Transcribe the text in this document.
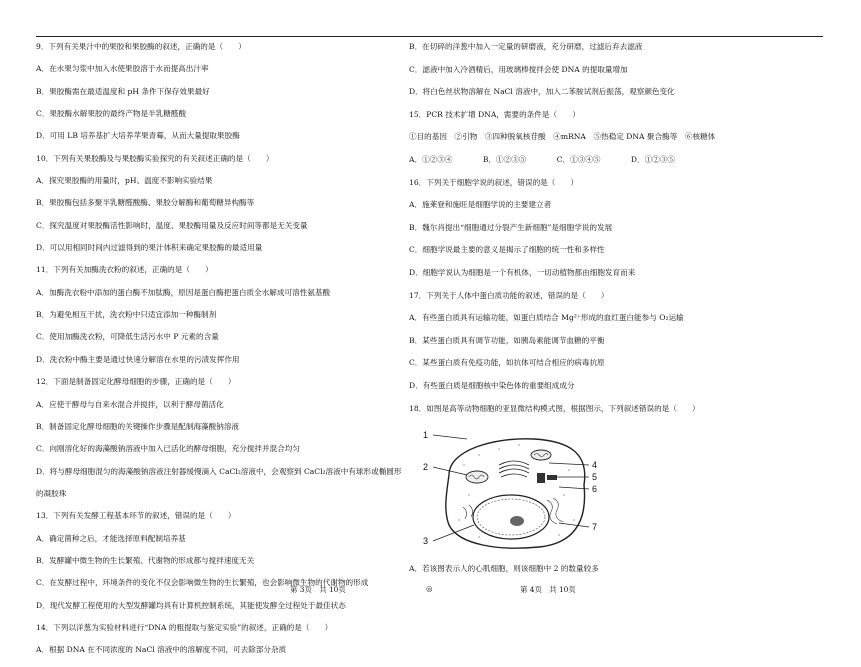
9．下列有关果汁中的果胶和果胶酶的叙述，正确的是（　　）
A．在水果匀浆中加入水使果胶溶于水而提高出汁率
B．果胶酶需在最适温度和 pH 条件下保存效果最好
C．果胶酶水解果胶的最终产物是半乳糖醛酸
D．可用 LB 培养基扩大培养苹果青霉，从而大量提取果胶酶
10．下列有关果胶酶及与果胶酶实验探究的有关叙述正确的是（　　）
A．探究果胶酶的用量时，pH、温度不影响实验结果
B．果胶酶包括多聚半乳糖醛酸酶、果胶分解酶和葡萄糖异构酶等
C．探究温度对果胶酶活性影响时，温度、果胶酶用量及反应时间等都是无关变量
D．可以用相同时间内过滤得到的果汁体积来确定果胶酶的最适用量
11．下列有关加酶洗衣粉的叙述，正确的是（　　）
A．加酶洗衣粉中添加的蛋白酶不加肽酶，原因是蛋白酶把蛋白质全水解成可溶性氨基酸
B．为避免相互干扰，洗衣粉中只适宜添加一种酶制剂
C．使用加酶洗衣粉，可降低生活污水中 P 元素的含量
D．洗衣粉中酶主要是通过快速分解溶在水里的污渍发挥作用
12．下面是制备固定化酵母细胞的步骤，正确的是（　　）
A．应使干酵母与自来水混合并搅拌，以利于酵母菌活化
B．制备固定化酵母细胞的关键操作步骤是配制海藻酸钠溶液
C．向刚溶化好的海藻酸钠溶液中加入已活化的酵母细胞，充分搅拌并混合均匀
D．将与酵母细胞混匀的海藻酸钠溶液注射器缓慢滴入 CaCl₂溶液中，会观察到 CaCl₂溶液中有球形或椭圆形
的凝胶珠
13．下列有关发酵工程基本环节的叙述，错误的是（　　）
A．确定菌种之后，才能选择原料配制培养基
B．发酵罐中微生物的生长繁殖、代谢物的形成都与搅拌速度无关
C．在发酵过程中，环境条件的变化不仅会影响微生物的生长繁殖，也会影响微生物的代谢物的形成
D．现代发酵工程使用的大型发酵罐均具有计算机控制系统，其能使发酵全过程处于最佳状态
14．下列以洋葱为实验材料进行“DNA 的粗提取与鉴定实验”的叙述，正确的是（　　）
A．根据 DNA 在不同浓度的 NaCl 溶液中的溶解度不同，可去除部分杂质
B．在切碎的洋葱中加入一定量的研磨液，充分研磨，过滤后弃去滤液
C．滤液中加入冷酒精后，用玻璃棒搅拌会使 DNA 的提取量增加
D．将白色丝状物溶解在 NaCl 溶液中，加入二苯胺试剂后振荡，观察颜色变化
15．PCR 技术扩增 DNA，需要的条件是（　　）
①目的基因　②引物　③四种脱氧核苷酸　④mRNA　⑤热稳定 DNA 聚合酶等　⑥核糖体
A．①②③④　　　　B．①②③⑤　　　　C．①③④⑤　　　　D．①②③⑤
16．下列关于细胞学说的叙述，错误的是（　　）
A．施莱登和施旺是细胞学说的主要建立者
B．魏尔肖提出“细胞通过分裂产生新细胞”是细胞学说的发展
C．细胞学说最主要的意义是揭示了细胞的统一性和多样性
D．细胞学说认为细胞是一个有机体，一切动植物都由细胞发育而来
17．下列关于人体中蛋白质功能的叙述，错误的是（　　）
A．有些蛋白质具有运输功能，如蛋白质结合 Mg²⁺形成的血红蛋白能参与 O₂运输
B．某些蛋白质具有调节功能，如胰岛素能调节血糖的平衡
C．某些蛋白质有免疫功能，如抗体可结合相应的病毒抗原
D．有些蛋白质是细胞核中染色体的重要组成成分
18．如图是高等动物细胞的亚显微结构模式图，根据图示，下列叙述错误的是（　　）
1
2
3
4
5
6
7
A．若该图表示人的心肌细胞，则该细胞中 2 的数量较多
第 3页　共 10页	◎	第 4页　共 10页
